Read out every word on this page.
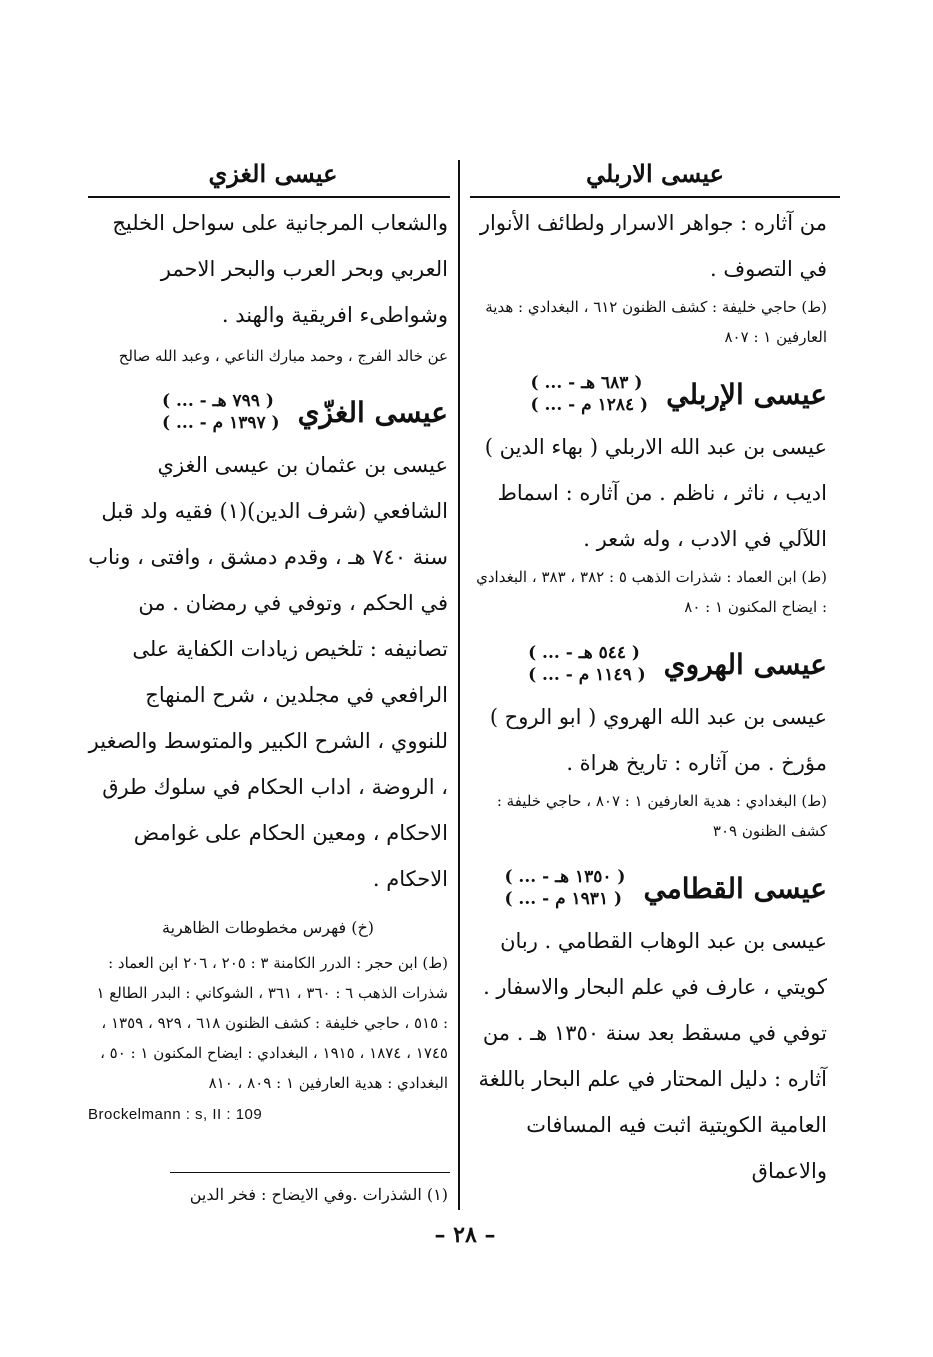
عيسى الاربلي
عيسى الغزي

من آثاره : جواهر الاسرار ولطائف الأنوار في التصوف .

(ط) حاجي خليفة : كشف الظنون ٦١٢ ، البغدادي : هدية العارفين ١ : ٨٠٧

عيسى الإربلي
( ... - ٦٨٣ هـ )
( ... - ١٢٨٤ م )

عيسى بن عبد الله الاربلي ( بهاء الدين ) اديب ، ناثر ، ناظم . من آثاره : اسماط اللآلي في الادب ، وله شعر .

(ط) ابن العماد : شذرات الذهب ٥ : ٣٨٢ ، ٣٨٣ ، البغدادي : ايضاح المكنون ١ : ٨٠

عيسى الهروي
( ... - ٥٤٤ هـ )
( ... - ١١٤٩ م )

عيسى بن عبد الله الهروي ( ابو الروح ) مؤرخ . من آثاره : تاريخ هراة .

(ط) البغدادي : هدية العارفين ١ : ٨٠٧ ، حاجي خليفة : كشف الظنون ٣٠٩

عيسى القطامي
( ... - ١٣٥٠ هـ )
( ... - ١٩٣١ م )

عيسى بن عبد الوهاب القطامي . ربان كويتي ، عارف في علم البحار والاسفار . توفي في مسقط بعد سنة ١٣٥٠ هـ . من آثاره : دليل المحتار في علم البحار باللغة العامية الكويتية اثبت فيه المسافات والاعماق

والشعاب المرجانية على سواحل الخليج العربي وبحر العرب والبحر الاحمر وشواطىء افريقية والهند .

عن خالد الفرج ، وحمد مبارك الناعي ، وعبد الله صالح

عيسى الغزّي
( ... - ٧٩٩ هـ )
( ... - ١٣٩٧ م )

عيسى بن عثمان بن عيسى الغزي الشافعي (شرف الدين)(١) فقيه ولد قبل سنة ٧٤٠ هـ ، وقدم دمشق ، وافتى ، وناب في الحكم ، وتوفي في رمضان . من تصانيفه : تلخيص زيادات الكفاية على الرافعي في مجلدين ، شرح المنهاج للنووي ، الشرح الكبير والمتوسط والصغير ، الروضة ، اداب الحكام في سلوك طرق الاحكام ، ومعين الحكام على غوامض الاحكام .

(خ) فهرس مخطوطات الظاهرية

(ط) ابن حجر : الدرر الكامنة ٣ : ٢٠٥ ، ٢٠٦ ابن العماد : شذرات الذهب ٦ : ٣٦٠ ، ٣٦١ ، الشوكاني : البدر الطالع ١ : ٥١٥ ، حاجي خليفة : كشف الظنون ٦١٨ ، ٩٢٩ ، ١٣٥٩ ، ١٧٤٥ ، ١٨٧٤ ، ١٩١٥ ، البغدادي : ايضاح المكنون ١ : ٥٠ ، البغدادي : هدية العارفين ١ : ٨٠٩ ، ٨١٠

Brockelmann : s, II : 109

(١) الشذرات .وفي الايضاح : فخر الدين
– ٢٨ –
